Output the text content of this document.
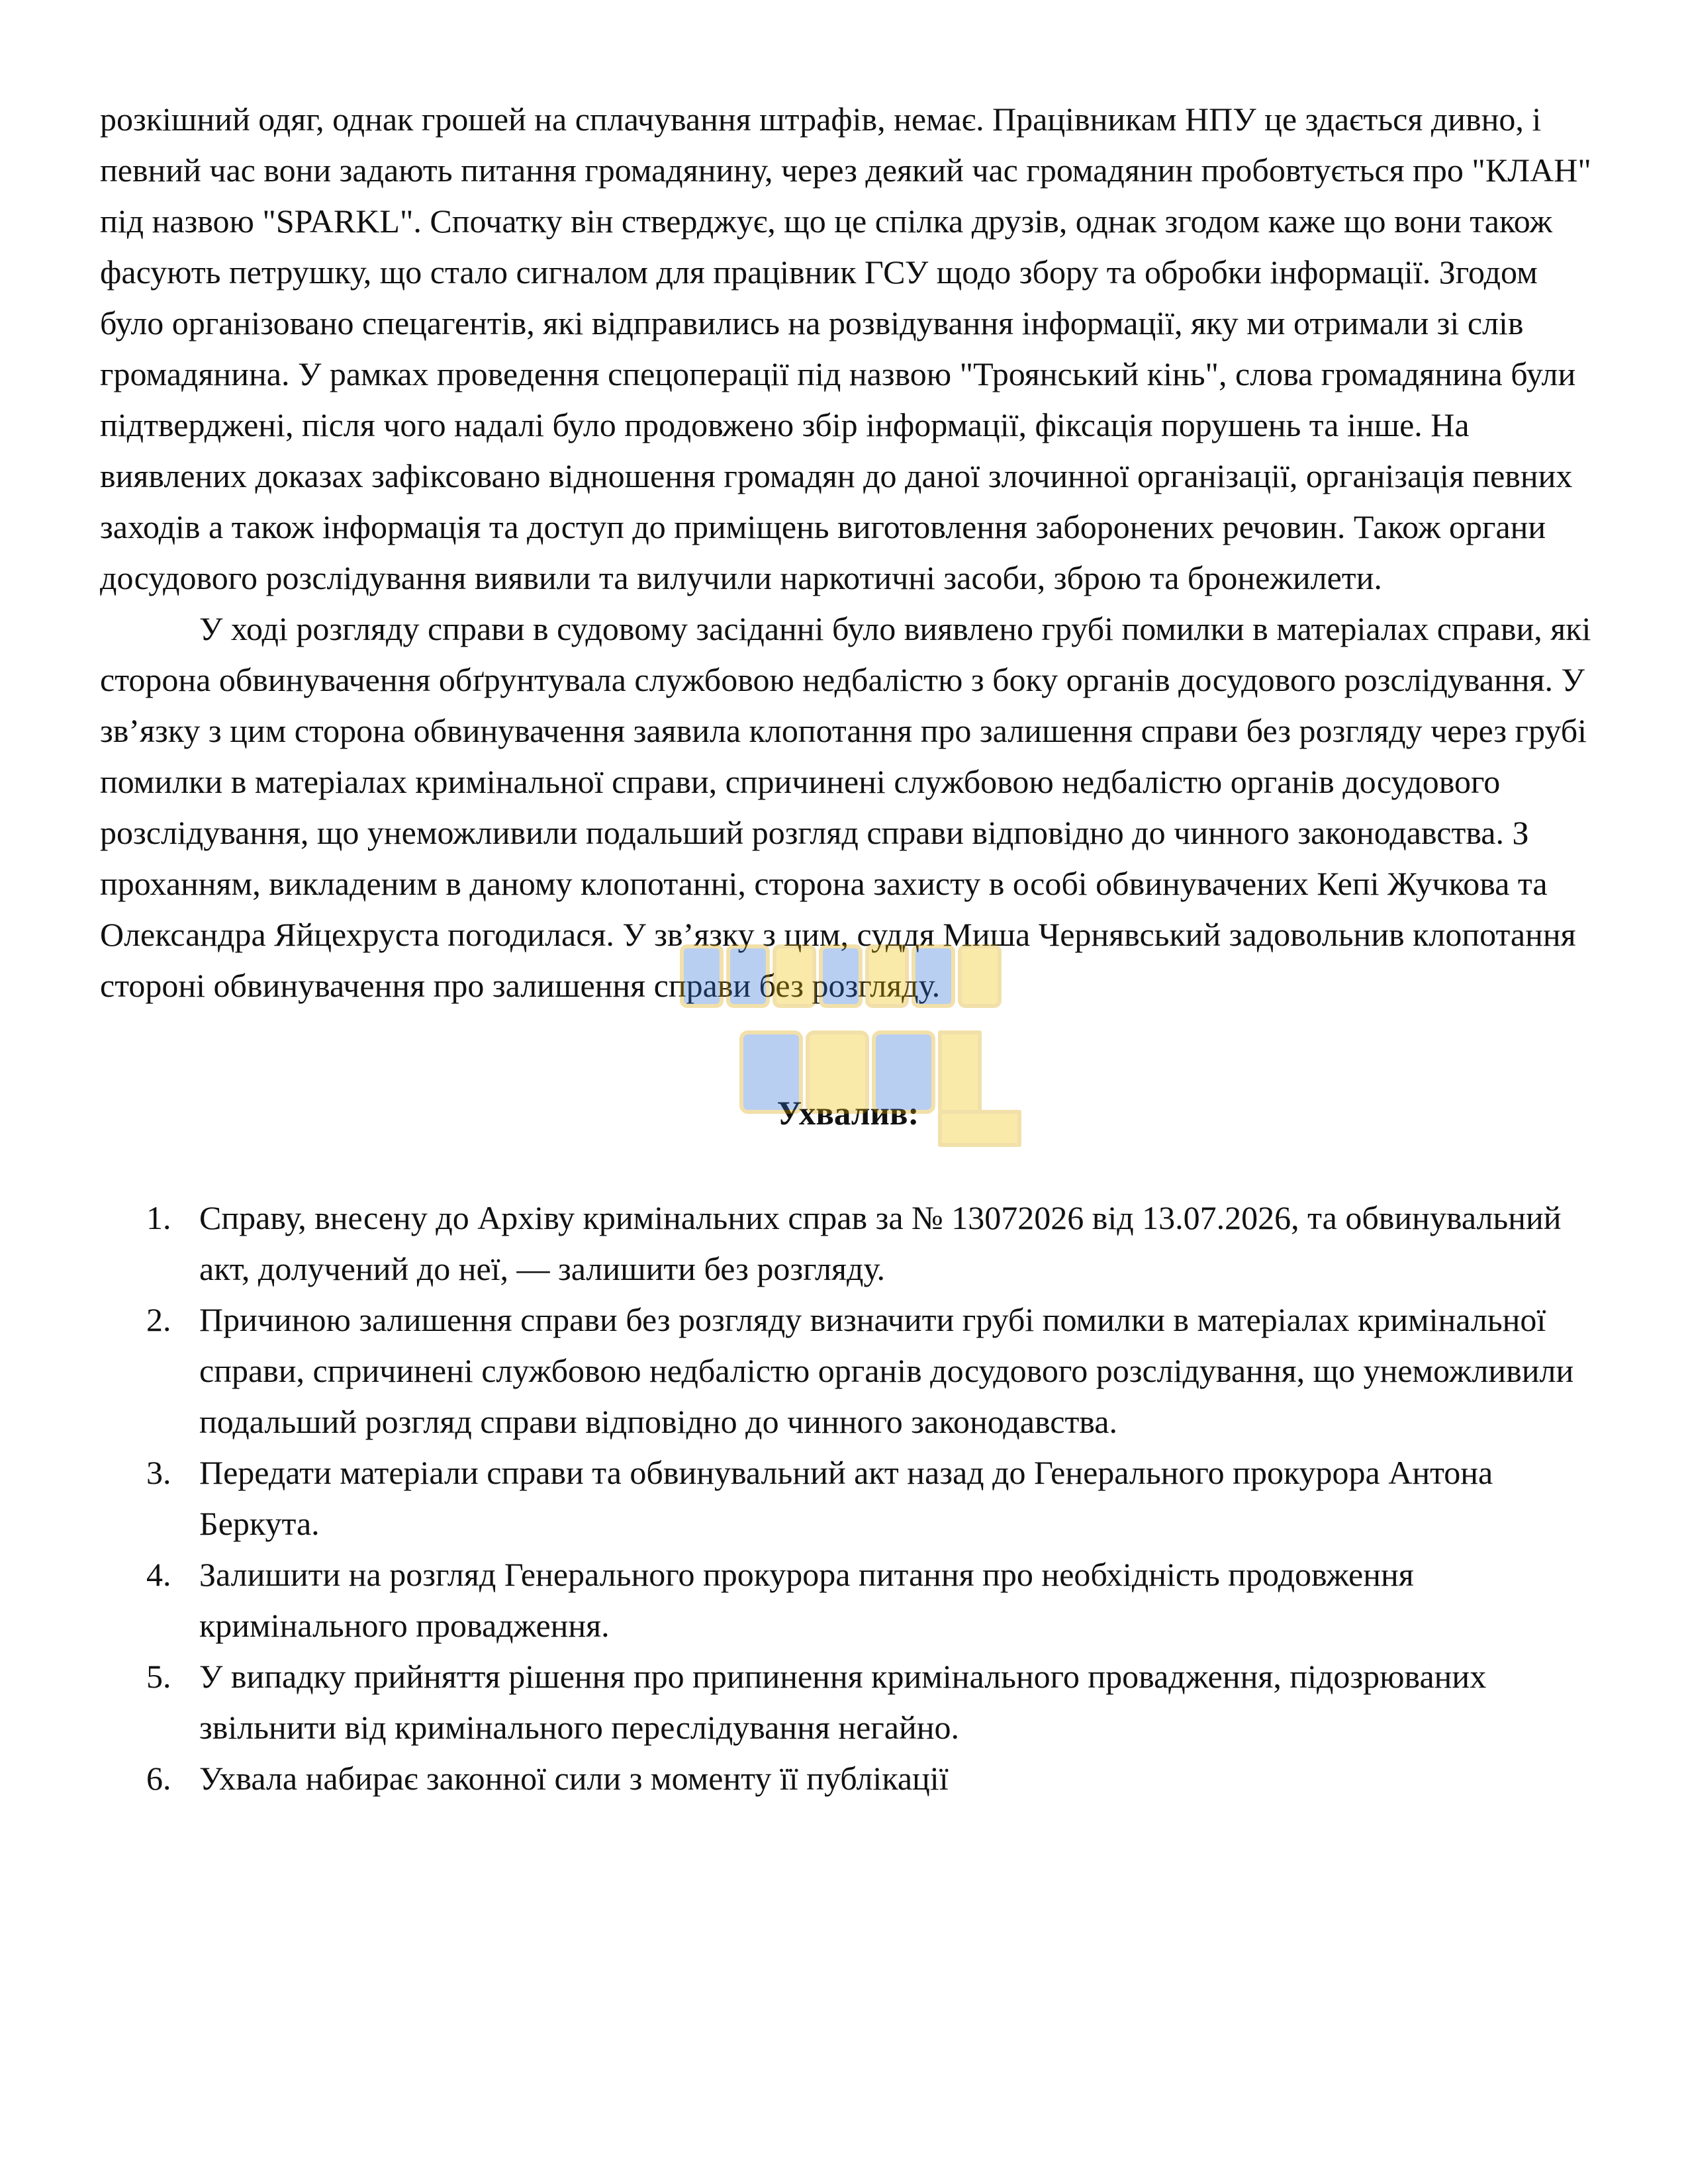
розкішний одяг, однак грошей на сплачування штрафів, немає. Працівникам НПУ це здається дивно, і певний час вони задають питання громадянину, через деякий час громадянин пробовтується про "КЛАН" під назвою "SPARKL". Спочатку він стверджує, що це спілка друзів, однак згодом каже що вони також фасують петрушку, що стало сигналом для працівник ГСУ щодо збору та обробки інформації. Згодом було організовано спецагентів, які відправились на розвідування інформації, яку ми отримали зі слів громадянина. У рамках проведення спецоперації під назвою "Троянський кінь", слова громадянина були підтверджені, після чого надалі було продовжено збір інформації, фіксація порушень та інше. На виявлених доказах зафіксовано відношення громадян до даної злочинної організації, організація певних заходів а також інформація та доступ до приміщень виготовлення заборонених речовин. Також органи досудового розслідування виявили та вилучили наркотичні засоби, зброю та бронежилети.

У ході розгляду справи в судовому засіданні було виявлено грубі помилки в матеріалах справи, які сторона обвинувачення обґрунтувала службовою недбалістю з боку органів досудового розслідування. У зв’язку з цим сторона обвинувачення заявила клопотання про залишення справи без розгляду через грубі помилки в матеріалах кримінальної справи, спричинені службовою недбалістю органів досудового розслідування, що унеможливили подальший розгляд справи відповідно до чинного законодавства. З проханням, викладеним в даному клопотанні, сторона захисту в особі обвинувачених Кепі Жучкова та Олександра Яйцехруста погодилася. У зв’язку з цим, суддя Миша Чернявський задовольнив клопотання стороні обвинувачення про залишення справи без розгляду.

Ухвалив:
1. Справу, внесену до Архіву кримінальних справ за № 13072026 від 13.07.2026, та обвинувальний акт, долучений до неї, — залишити без розгляду.
2. Причиною залишення справи без розгляду визначити грубі помилки в матеріалах кримінальної справи, спричинені службовою недбалістю органів досудового розслідування, що унеможливили подальший розгляд справи відповідно до чинного законодавства.
3. Передати матеріали справи та обвинувальний акт назад до Генерального прокурора Антона Беркута.
4. Залишити на розгляд Генерального прокурора питання про необхідність продовження кримінального провадження.
5. У випадку прийняття рішення про припинення кримінального провадження, підозрюваних звільнити від кримінального переслідування негайно.
6. Ухвала набирає законної сили з моменту її публікації
